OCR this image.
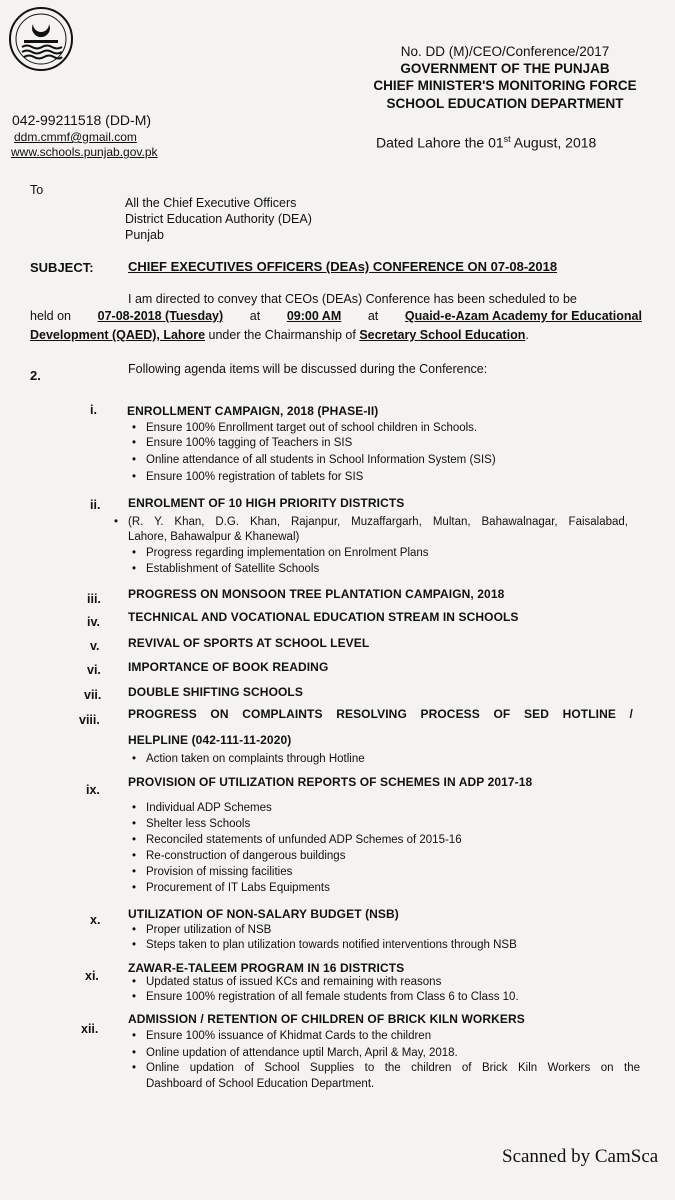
No. DD (M)/CEO/Conference/2017
GOVERNMENT OF THE PUNJAB
CHIEF MINISTER'S MONITORING FORCE
SCHOOL EDUCATION DEPARTMENT
042-99211518 (DD-M)
ddm.cmmf@gmail.com
www.schools.punjab.gov.pk
Dated Lahore the 01st August, 2018
To
All the Chief Executive Officers
District Education Authority (DEA)
Punjab
SUBJECT:	CHIEF EXECUTIVES OFFICERS (DEAs) CONFERENCE ON 07-08-2018
I am directed to convey that CEOs (DEAs) Conference has been scheduled to be
held on 07-08-2018 (Tuesday) at 09:00 AM at Quaid-e-Azam Academy for Educational
Development (QAED), Lahore under the Chairmanship of Secretary School Education.
2.	Following agenda items will be discussed during the Conference:
i.	ENROLLMENT CAMPAIGN, 2018 (PHASE-II)
• Ensure 100% Enrollment target out of school children in Schools.
• Ensure 100% tagging of Teachers in SIS
• Online attendance of all students in School Information System (SIS)
• Ensure 100% registration of tablets for SIS
ii. ENROLMENT OF 10 HIGH PRIORITY DISTRICTS
• (R. Y. Khan, D.G. Khan, Rajanpur, Muzaffargarh, Multan, Bahawalnagar, Faisalabad,
Lahore, Bahawalpur & Khanewal)
• Progress regarding implementation on Enrolment Plans
• Establishment of Satellite Schools
iii. PROGRESS ON MONSOON TREE PLANTATION CAMPAIGN, 2018
iv. TECHNICAL AND VOCATIONAL EDUCATION STREAM IN SCHOOLS
v. REVIVAL OF SPORTS AT SCHOOL LEVEL
vi. IMPORTANCE OF BOOK READING
vii. DOUBLE SHIFTING SCHOOLS
viii. PROGRESS ON COMPLAINTS RESOLVING PROCESS OF SED HOTLINE /
HELPLINE (042-111-11-2020)
• Action taken on complaints through Hotline
ix.
PROVISION OF UTILIZATION REPORTS OF SCHEMES IN ADP 2017-18
• Individual ADP Schemes
• Shelter less Schools
• Reconciled statements of unfunded ADP Schemes of 2015-16
• Re-construction of dangerous buildings
• Provision of missing facilities
• Procurement of IT Labs Equipments
x. UTILIZATION OF NON-SALARY BUDGET (NSB)
• Proper utilization of NSB
• Steps taken to plan utilization towards notified interventions through NSB
xi.
ZAWAR-E-TALEEM PROGRAM IN 16 DISTRICTS
• Updated status of issued KCs and remaining with reasons
• Ensure 100% registration of all female students from Class 6 to Class 10.
xii.
ADMISSION / RETENTION OF CHILDREN OF BRICK KILN WORKERS
• Ensure 100% issuance of Khidmat Cards to the children
• Online updation of attendance uptil March, April & May, 2018.
• Online updation of School Supplies to the children of Brick Kiln Workers on the
Dashboard of School Education Department.
Scanned by CamSca
